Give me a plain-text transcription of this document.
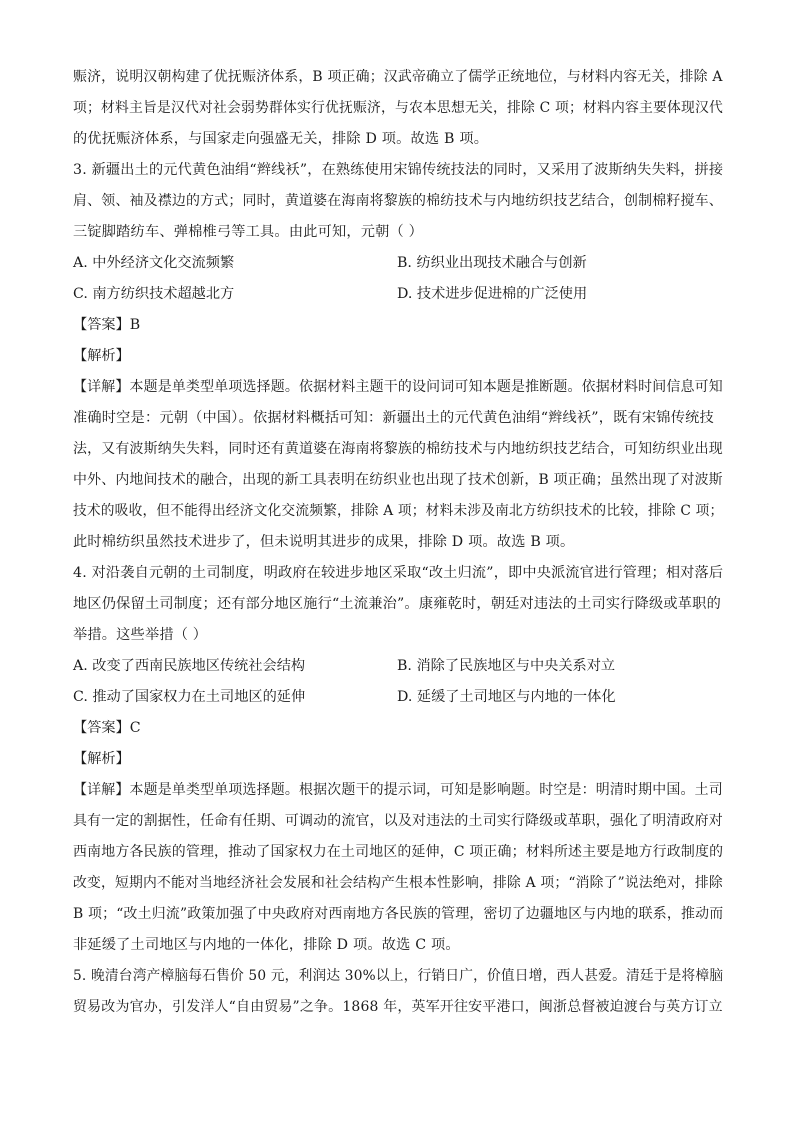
赈济，说明汉朝构建了优抚赈济体系，B 项正确；汉武帝确立了儒学正统地位，与材料内容无关，排除 A
项；材料主旨是汉代对社会弱势群体实行优抚赈济，与农本思想无关，排除 C 项；材料内容主要体现汉代
的优抚赈济体系，与国家走向强盛无关，排除 D 项。故选 B 项。
3. 新疆出土的元代黄色油绢“辫线袄”，在熟练使用宋锦传统技法的同时，又采用了波斯纳失失料，拼接
肩、领、袖及襟边的方式；同时，黄道婆在海南将黎族的棉纺技术与内地纺织技艺结合，创制棉籽搅车、
三锭脚踏纺车、弹棉椎弓等工具。由此可知，元朝（ ）
A. 中外经济文化交流频繁	B. 纺织业出现技术融合与创新
C. 南方纺织技术超越北方	D. 技术进步促进棉的广泛使用
【答案】B
【解析】
【详解】本题是单类型单项选择题。依据材料主题干的设问词可知本题是推断题。依据材料时间信息可知
准确时空是：元朝（中国）。依据材料概括可知：新疆出土的元代黄色油绢“辫线袄”，既有宋锦传统技
法，又有波斯纳失失料，同时还有黄道婆在海南将黎族的棉纺技术与内地纺织技艺结合，可知纺织业出现
中外、内地间技术的融合，出现的新工具表明在纺织业也出现了技术创新，B 项正确；虽然出现了对波斯
技术的吸收，但不能得出经济文化交流频繁，排除 A 项；材料未涉及南北方纺织技术的比较，排除 C 项；
此时棉纺织虽然技术进步了，但未说明其进步的成果，排除 D 项。故选 B 项。
4. 对沿袭自元朝的土司制度，明政府在较进步地区采取“改土归流”，即中央派流官进行管理；相对落后
地区仍保留土司制度；还有部分地区施行“土流兼治”。康雍乾时，朝廷对违法的土司实行降级或革职的
举措。这些举措（ ）
A. 改变了西南民族地区传统社会结构	B. 消除了民族地区与中央关系对立
C. 推动了国家权力在土司地区的延伸	D. 延缓了土司地区与内地的一体化
【答案】C
【解析】
【详解】本题是单类型单项选择题。根据次题干的提示词，可知是影响题。时空是：明清时期中国。土司
具有一定的割据性，任命有任期、可调动的流官，以及对违法的土司实行降级或革职，强化了明清政府对
西南地方各民族的管理，推动了国家权力在土司地区的延伸，C 项正确；材料所述主要是地方行政制度的
改变，短期内不能对当地经济社会发展和社会结构产生根本性影响，排除 A 项；“消除了”说法绝对，排除
B 项；“改土归流”政策加强了中央政府对西南地方各民族的管理，密切了边疆地区与内地的联系，推动而
非延缓了土司地区与内地的一体化，排除 D 项。故选 C 项。
5. 晚清台湾产樟脑每石售价 50 元，利润达 30%以上，行销日广，价值日增，西人甚爱。清廷于是将樟脑
贸易改为官办，引发洋人“自由贸易”之争。1868 年，英军开往安平港口，闽浙总督被迫渡台与英方订立
